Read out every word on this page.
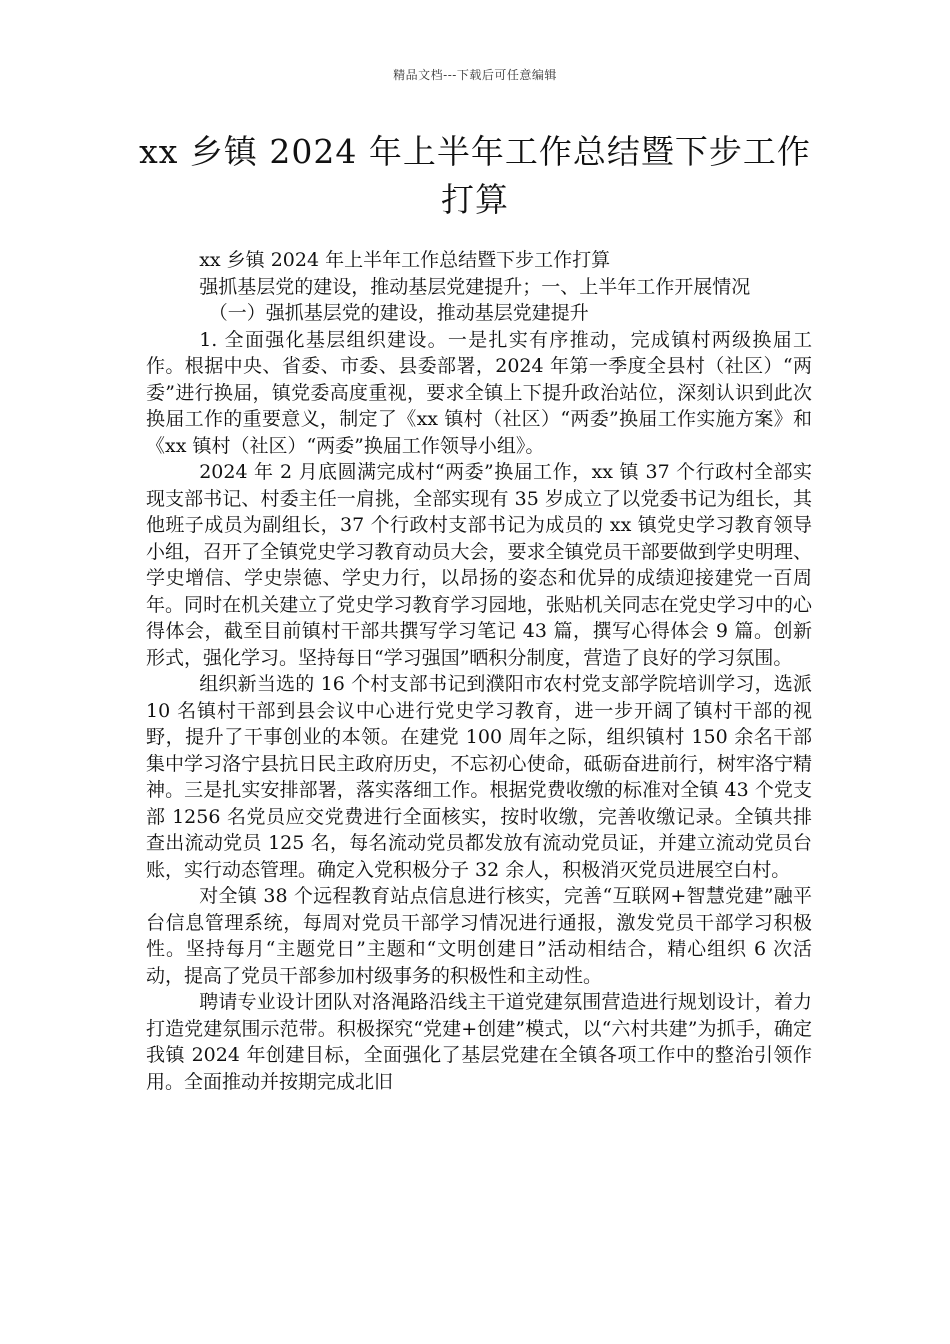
精品文档---下载后可任意编辑
xx 乡镇 2024 年上半年工作总结暨下步工作打算

xx 乡镇 2024 年上半年工作总结暨下步工作打算

强抓基层党的建设，推动基层党建提升；一、上半年工作开展情况

（一）强抓基层党的建设，推动基层党建提升

1. 全面强化基层组织建设。一是扎实有序推动，完成镇村两级换届工作。根据中央、省委、市委、县委部署，2024 年第一季度全县村（社区）“两委”进行换届，镇党委高度重视，要求全镇上下提升政治站位，深刻认识到此次换届工作的重要意义，制定了《xx 镇村（社区）“两委”换届工作实施方案》和《xx 镇村（社区）“两委”换届工作领导小组》。

2024 年 2 月底圆满完成村“两委”换届工作，xx 镇 37 个行政村全部实现支部书记、村委主任一肩挑，全部实现有 35 岁成立了以党委书记为组长，其他班子成员为副组长，37 个行政村支部书记为成员的 xx 镇党史学习教育领导小组，召开了全镇党史学习教育动员大会，要求全镇党员干部要做到学史明理、学史增信、学史崇德、学史力行，以昂扬的姿态和优异的成绩迎接建党一百周年。同时在机关建立了党史学习教育学习园地，张贴机关同志在党史学习中的心得体会，截至目前镇村干部共撰写学习笔记 43 篇，撰写心得体会 9 篇。创新形式，强化学习。坚持每日“学习强国”晒积分制度，营造了良好的学习氛围。

组织新当选的 16 个村支部书记到濮阳市农村党支部学院培训学习，选派 10 名镇村干部到县会议中心进行党史学习教育，进一步开阔了镇村干部的视野，提升了干事创业的本领。在建党 100 周年之际，组织镇村 150 余名干部集中学习洛宁县抗日民主政府历史，不忘初心使命，砥砺奋进前行，树牢洛宁精神。三是扎实安排部署，落实落细工作。根据党费收缴的标准对全镇 43 个党支部 1256 名党员应交党费进行全面核实，按时收缴，完善收缴记录。全镇共排查出流动党员 125 名，每名流动党员都发放有流动党员证，并建立流动党员台账，实行动态管理。确定入党积极分子 32 余人，积极消灭党员进展空白村。

对全镇 38 个远程教育站点信息进行核实，完善“互联网+智慧党建”融平台信息管理系统，每周对党员干部学习情况进行通报，激发党员干部学习积极性。坚持每月“主题党日”主题和“文明创建日”活动相结合，精心组织 6 次活动，提高了党员干部参加村级事务的积极性和主动性。

聘请专业设计团队对洛渑路沿线主干道党建氛围营造进行规划设计，着力打造党建氛围示范带。积极探究“党建+创建”模式，以“六村共建”为抓手，确定我镇 2024 年创建目标，全面强化了基层党建在全镇各项工作中的整治引领作用。全面推动并按期完成北旧
